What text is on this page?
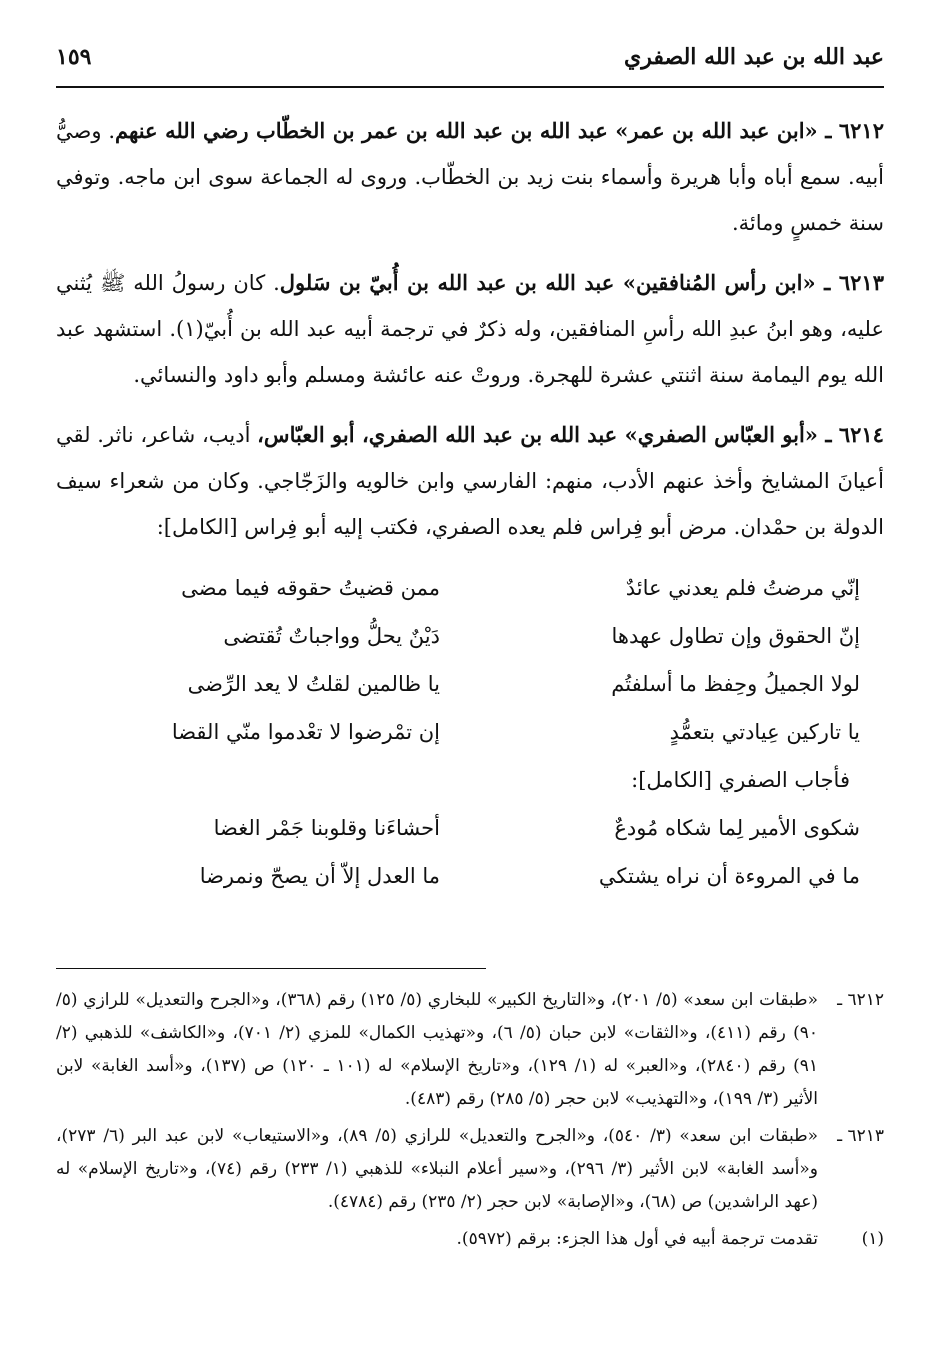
عبد الله بن عبد الله الصفري
١٥٩

٦٢١٢ ـ «ابن عبد الله بن عمر» عبد الله بن عبد الله بن عمر بن الخطّاب رضي الله عنهم. وصيُّ أبيه. سمع أباه وأبا هريرة وأسماء بنت زيد بن الخطّاب. وروى له الجماعة سوى ابن ماجه. وتوفي سنة خمسٍ ومائة.

٦٢١٣ ـ «ابن رأس المُنافقين» عبد الله بن عبد الله بن أُبيّ بن سَلول. كان رسولُ الله ﷺ يُثني عليه، وهو ابنُ عبدِ الله رأسِ المنافقين، وله ذكرٌ في ترجمة أبيه عبد الله بن أُبيّ(١). استشهد عبد الله يوم اليمامة سنة اثنتي عشرة للهجرة. وروتْ عنه عائشة ومسلم وأبو داود والنسائي.

٦٢١٤ ـ «أبو العبّاس الصفري» عبد الله بن عبد الله الصفري، أبو العبّاس، أديب، شاعر، ناثر. لقي أعيانَ المشايخ وأخذ عنهم الأدب، منهم: الفارسي وابن خالويه والزَجّاجي. وكان من شعراء سيف الدولة بن حمْدان. مرض أبو فِراس فلم يعده الصفري، فكتب إليه أبو فِراس [الكامل]:

إنّي مرضتُ فلم يعدني عائدٌ
ممن قضيتُ حقوقه فيما مضى
إنّ الحقوق وإن تطاول عهدها
دَيْنٌ يحلُّ وواجباتٌ تُقتضى
لولا الجميلُ وحِفظ ما أسلفتُم
يا ظالمين لقلتُ لا يعد الرِّضى
يا تاركين عِيادتي بتعمُّدٍ
إن تمْرضوا لا تعْدموا منّي القضا
فأجاب الصفري [الكامل]:
شكوى الأمير لِما شكاه مُودعٌ
أحشاءَنا وقلوبنا جَمْر الغضا
ما في المروءة أن نراه يشتكي
ما العدل إلاّ أن يصحّ ونمرضا
٦٢١٢ ـ
«طبقات ابن سعد» (٥/ ٢٠١)، و«التاريخ الكبير» للبخاري (٥/ ١٢٥) رقم (٣٦٨)، و«الجرح والتعديل» للرازي (٥/ ٩٠) رقم (٤١١)، و«الثقات» لابن حبان (٥/ ٦)، و«تهذيب الكمال» للمزي (٢/ ٧٠١)، و«الكاشف» للذهبي (٢/ ٩١) رقم (٢٨٤٠)، و«العبر» له (١/ ١٢٩)، و«تاريخ الإسلام» له (١٠١ ـ ١٢٠) ص (١٣٧)، و«أسد الغابة» لابن الأثير (٣/ ١٩٩)، و«التهذيب» لابن حجر (٥/ ٢٨٥) رقم (٤٨٣).
٦٢١٣ ـ
«طبقات ابن سعد» (٣/ ٥٤٠)، و«الجرح والتعديل» للرازي (٥/ ٨٩)، و«الاستيعاب» لابن عبد البر (٦/ ٢٧٣)، و«أسد الغابة» لابن الأثير (٣/ ٢٩٦)، و«سير أعلام النبلاء» للذهبي (١/ ٢٣٣) رقم (٧٤)، و«تاريخ الإسلام» له (عهد الراشدين) ص (٦٨)، و«الإصابة» لابن حجر (٢/ ٢٣٥) رقم (٤٧٨٤).
(١)
تقدمت ترجمة أبيه في أول هذا الجزء: برقم (٥٩٧٢).
